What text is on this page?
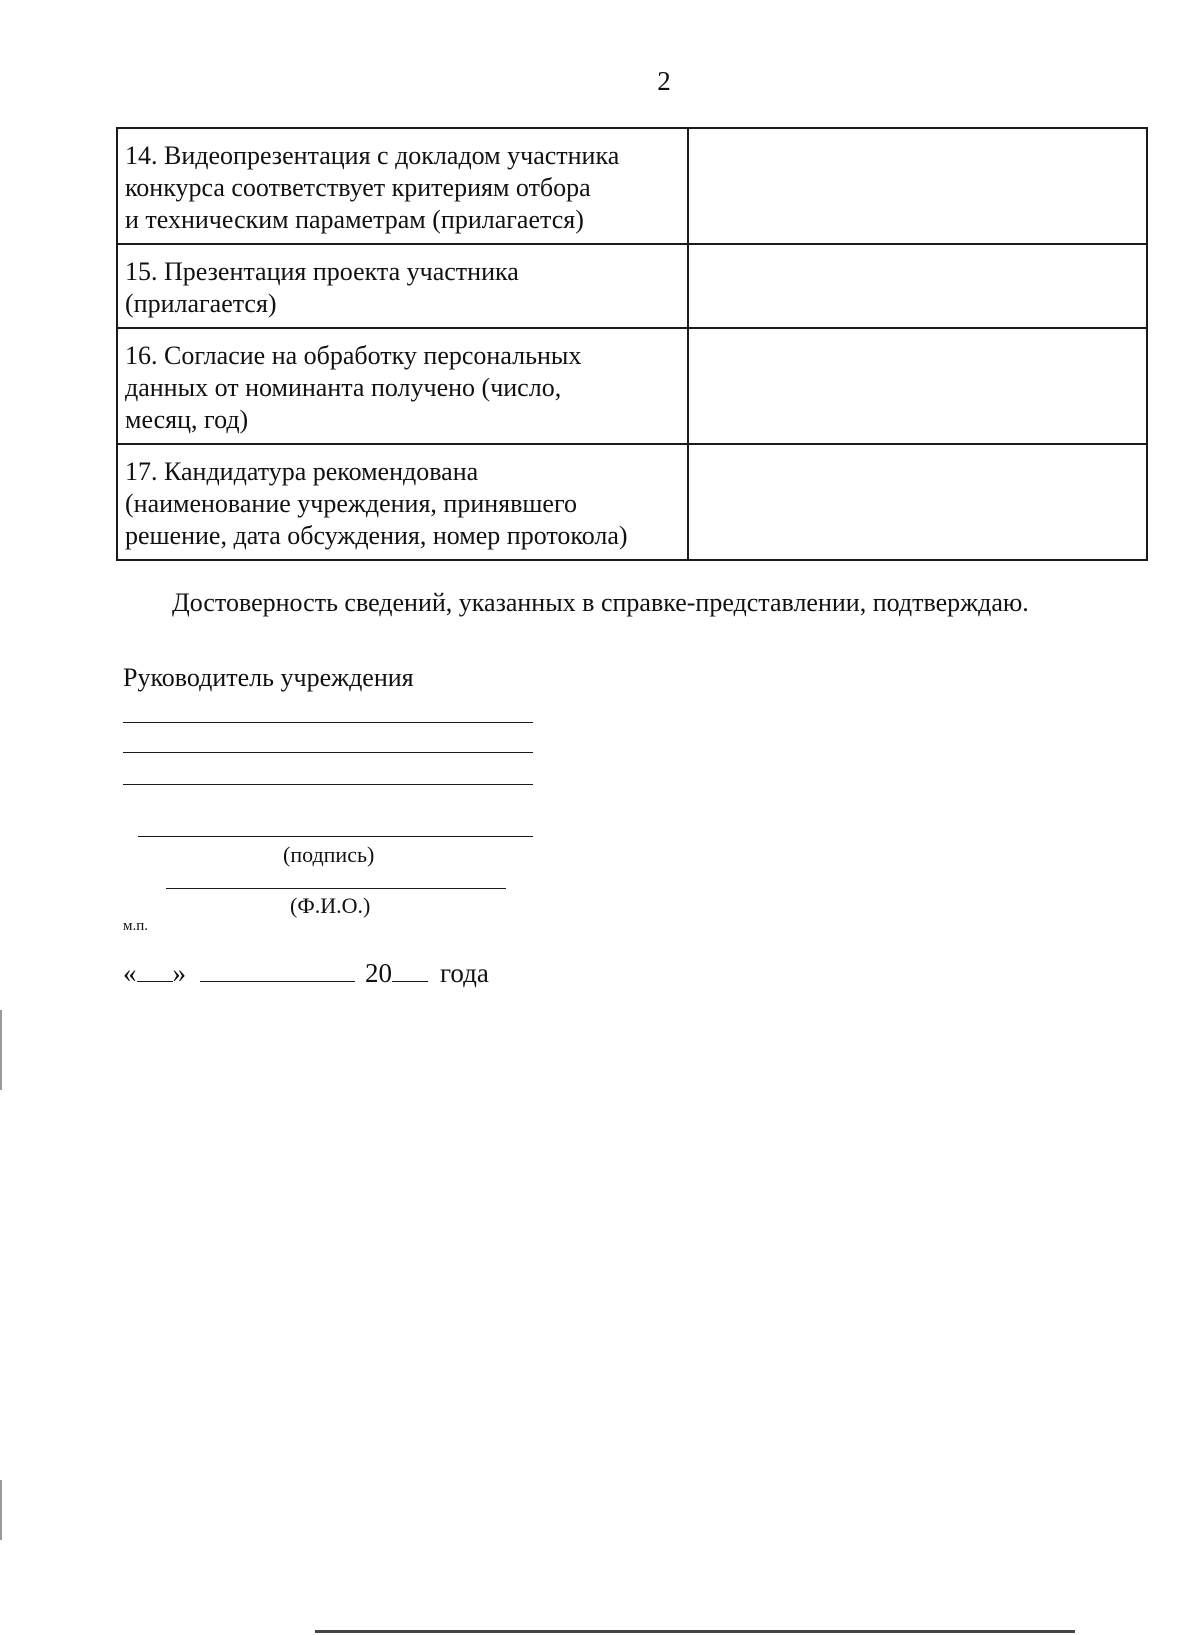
2
14. Видеопрезентация с докладом участника
конкурса соответствует критериям отбора
и техническим параметрам (прилагается)	

15. Презентация проекта участника
(прилагается)	

16. Согласие на обработку персональных
данных от номинанта получено (число,
месяц, год)	

17. Кандидатура рекомендована
(наименование учреждения, принявшего
решение, дата обсуждения, номер протокола)	

Достоверность сведений, указанных в справке-представлении, подтверждаю.
Руководитель учреждения
(подпись)
(Ф.И.О.)
м.п.
« »	20 года
